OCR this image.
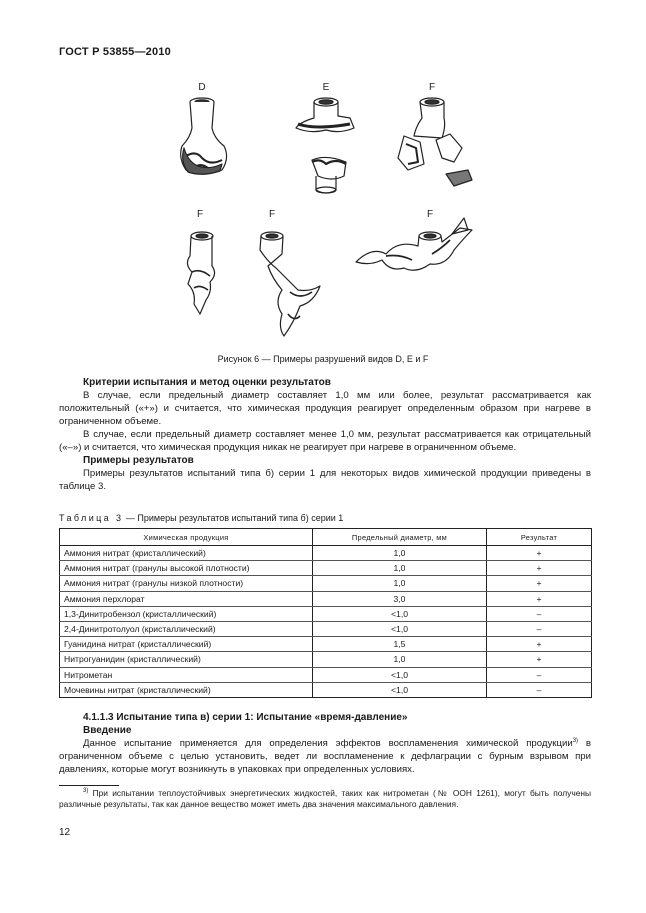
ГОСТ Р 53855—2010
D	E	F
F	F	F
Рисунок 6 — Примеры разрушений видов D, E и F

Критерии испытания и метод оценки результатов

В случае, если предельный диаметр составляет 1,0 мм или более, результат рассматривается как положительный («+») и считается, что химическая продукция реагирует определенным образом при нагреве в ограниченном объеме.

В случае, если предельный диаметр составляет менее 1,0 мм, результат рассматривается как отрицательный («–») и считается, что химическая продукция никак не реагирует при нагреве в ограниченном объеме.

Примеры результатов

Примеры результатов испытаний типа б) серии 1 для некоторых видов химической продукции приведены в таблице 3.

Таблица 3 — Примеры результатов испытаний типа б) серии 1
Химическая продукция	Предельный диаметр, мм	Результат
Аммония нитрат (кристаллический)	1,0	+
Аммония нитрат (гранулы высокой плотности)	1,0	+
Аммония нитрат (гранулы низкой плотности)	1,0	+
Аммония перхлорат	3,0	+
1,3-Динитробензол (кристаллический)	<1,0	–
2,4-Динитротолуол (кристаллический)	<1,0	–
Гуанидина нитрат (кристаллический)	1,5	+
Нитрогуанидин (кристаллический)	1,0	+
Нитрометан	<1,0	–
Мочевины нитрат (кристаллический)	<1,0	–

4.1.1.3 Испытание типа в) серии 1: Испытание «время-давление»

Введение

Данное испытание применяется для определения эффектов воспламенения химической продукции$^{3)}$ в ограниченном объеме с целью установить, ведет ли воспламенение к дефлаграции с бурным взрывом при давлениях, которые могут возникнуть в упаковках при определенных условиях.

$^{3)}$ При испытании теплоустойчивых энергетических жидкостей, таких как нитрометан (№ ООН 1261), могут быть получены различные результаты, так как данное вещество может иметь два значения максимального давления.
12
